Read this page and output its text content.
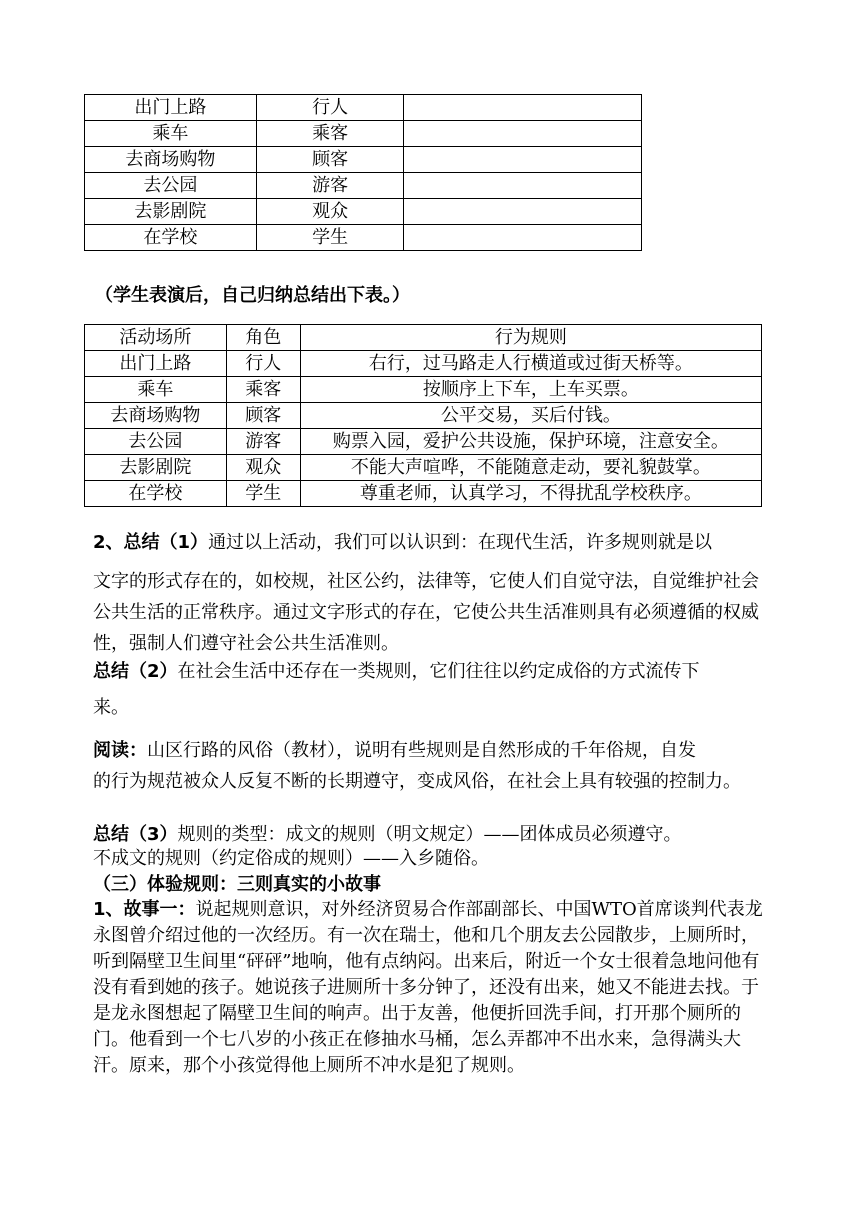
出门上路	行人	
乘车	乘客	
去商场购物	顾客	
去公园	游客	
去影剧院	观众	
在学校	学生	
（学生表演后，自己归纳总结出下表。）
活动场所	角色	行为规则
出门上路	行人	右行，过马路走人行横道或过街天桥等。
乘车	乘客	按顺序上下车，上车买票。
去商场购物	顾客	公平交易，买后付钱。
去公园	游客	购票入园，爱护公共设施，保护环境，注意安全。
去影剧院	观众	不能大声喧哗，不能随意走动，要礼貌鼓掌。
在学校	学生	尊重老师，认真学习，不得扰乱学校秩序。
2、总结（1）通过以上活动，我们可以认识到：在现代生活，许多规则就是以
文字的形式存在的，如校规，社区公约，法律等，它使人们自觉守法，自觉维护社会公共生活的正常秩序。通过文字形式的存在，它使公共生活准则具有必须遵循的权威性，强制人们遵守社会公共生活准则。
总结（2）在社会生活中还存在一类规则，它们往往以约定成俗的方式流传下
来。
阅读：山区行路的风俗（教材），说明有些规则是自然形成的千年俗规，自发
的行为规范被众人反复不断的长期遵守，变成风俗，在社会上具有较强的控制力。
总结（3）规则的类型：成文的规则（明文规定）——团体成员必须遵守。
不成文的规则（约定俗成的规则）——入乡随俗。
（三）体验规则：三则真实的小故事
1、故事一：说起规则意识，对外经济贸易合作部副部长、中国WTO首席谈判代表龙永图曾介绍过他的一次经历。有一次在瑞士，他和几个朋友去公园散步，上厕所时，听到隔壁卫生间里“砰砰”地响，他有点纳闷。出来后，附近一个女士很着急地问他有没有看到她的孩子。她说孩子进厕所十多分钟了，还没有出来，她又不能进去找。于是龙永图想起了隔壁卫生间的响声。出于友善，他便折回洗手间，打开那个厕所的门。他看到一个七八岁的小孩正在修抽水马桶，怎么弄都冲不出水来，急得满头大汗。原来，那个小孩觉得他上厕所不冲水是犯了规则。
